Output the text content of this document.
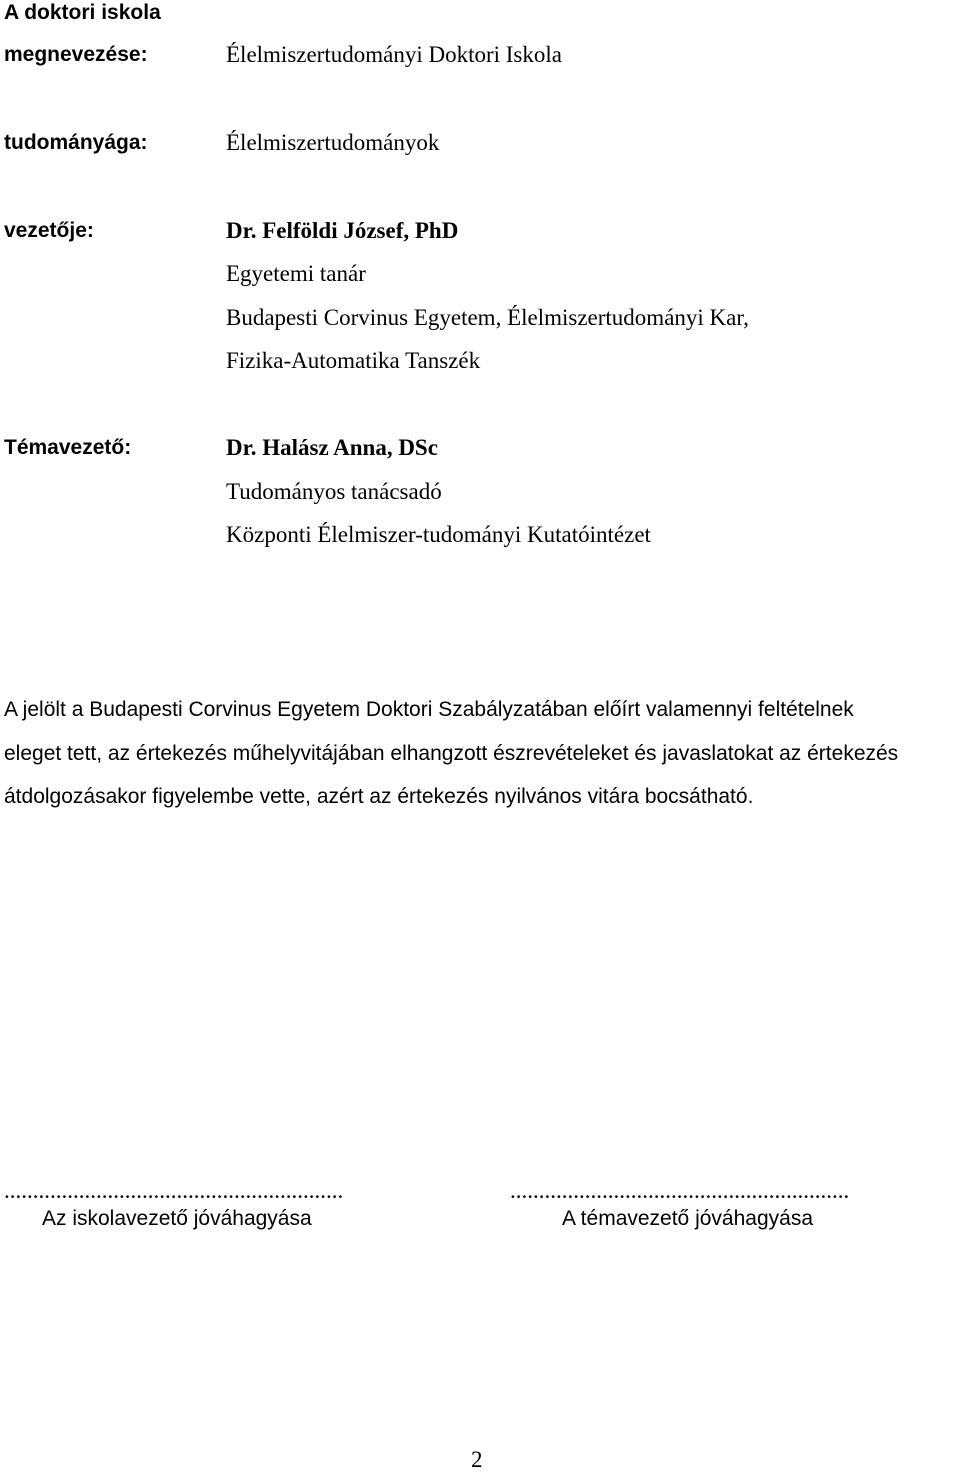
A doktori iskola
megnevezése:	Élelmiszertudományi Doktori Iskola
tudományága:	Élelmiszertudományok
vezetője:	Dr. Felföldi József, PhD
Egyetemi tanár
Budapesti Corvinus Egyetem, Élelmiszertudományi Kar,
Fizika-Automatika Tanszék
Témavezető:	Dr. Halász Anna, DSc
Tudományos tanácsadó
Központi Élelmiszer-tudományi Kutatóintézet
A jelölt a Budapesti Corvinus Egyetem Doktori Szabályzatában előírt valamennyi feltételnek
eleget tett, az értekezés műhelyvitájában elhangzott észrevételeket és javaslatokat az értekezés
átdolgozásakor figyelembe vette, azért az értekezés nyilvános vitára bocsátható.
...........................................................	...........................................................
Az iskolavezető jóváhagyása	A témavezető jóváhagyása
2
